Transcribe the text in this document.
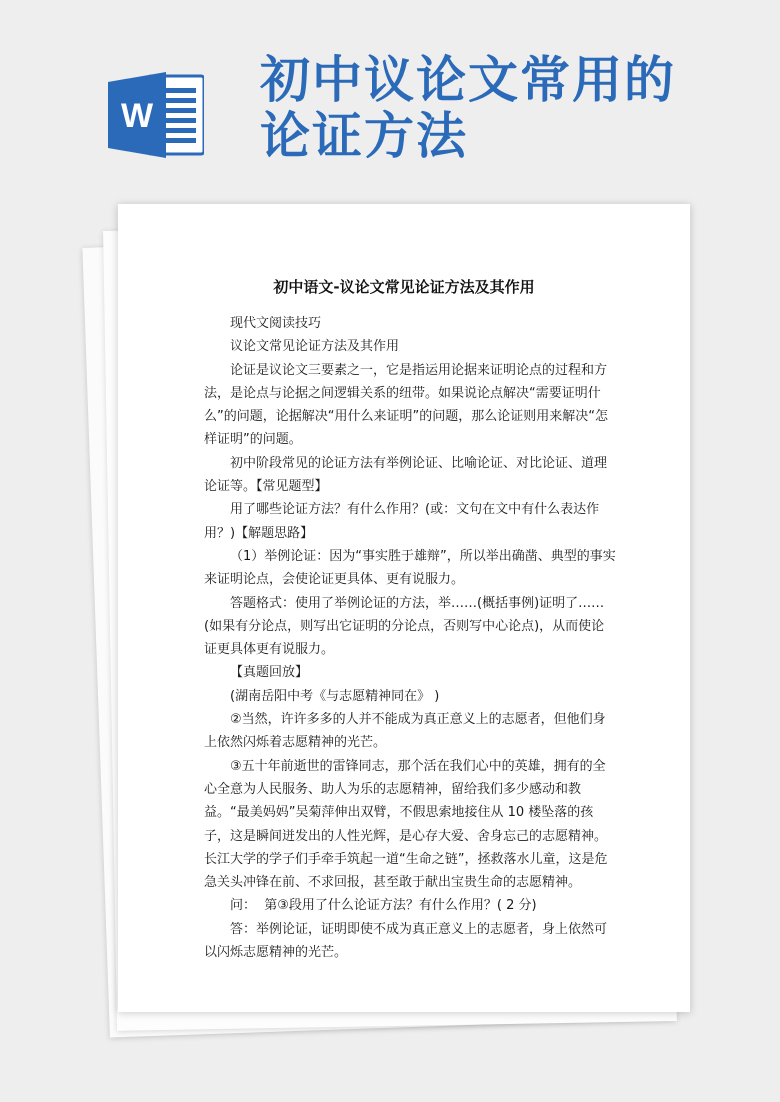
W
初中议论文常用的
论证方法
初中语文-议论文常见论证方法及其作用

现代文阅读技巧

议论文常见论证方法及其作用

论证是议论文三要素之一，它是指运用论据来证明论点的过程和方法，是论点与论据之间逻辑关系的纽带。如果说论点解决“需要证明什么”的问题，论据解决“用什么来证明”的问题，那么论证则用来解决“怎样证明”的问题。

初中阶段常见的论证方法有举例论证、比喻论证、对比论证、道理论证等。【常见题型】

用了哪些论证方法？有什么作用？(或：文句在文中有什么表达作用？)【解题思路】

（1）举例论证：因为“事实胜于雄辩”，所以举出确凿、典型的事实来证明论点，会使论证更具体、更有说服力。

答题格式：使用了举例论证的方法，举……(概括事例)证明了……(如果有分论点，则写出它证明的分论点，否则写中心论点)，从而使论证更具体更有说服力。

【真题回放】

(湖南岳阳中考《与志愿精神同在》 )

②当然，许许多多的人并不能成为真正意义上的志愿者，但他们身上依然闪烁着志愿精神的光芒。

③五十年前逝世的雷锋同志，那个活在我们心中的英雄，拥有的全心全意为人民服务、助人为乐的志愿精神，留给我们多少感动和教益。“最美妈妈”吴菊萍伸出双臂，不假思索地接住从 10 楼坠落的孩子，这是瞬间迸发出的人性光辉，是心存大爱、舍身忘己的志愿精神。长江大学的学子们手牵手筑起一道“生命之链”，拯救落水儿童，这是危急关头冲锋在前、不求回报，甚至敢于献出宝贵生命的志愿精神。

问：  第③段用了什么论证方法？有什么作用？( 2 分)

答：举例论证，证明即使不成为真正意义上的志愿者，身上依然可以闪烁志愿精神的光芒。
